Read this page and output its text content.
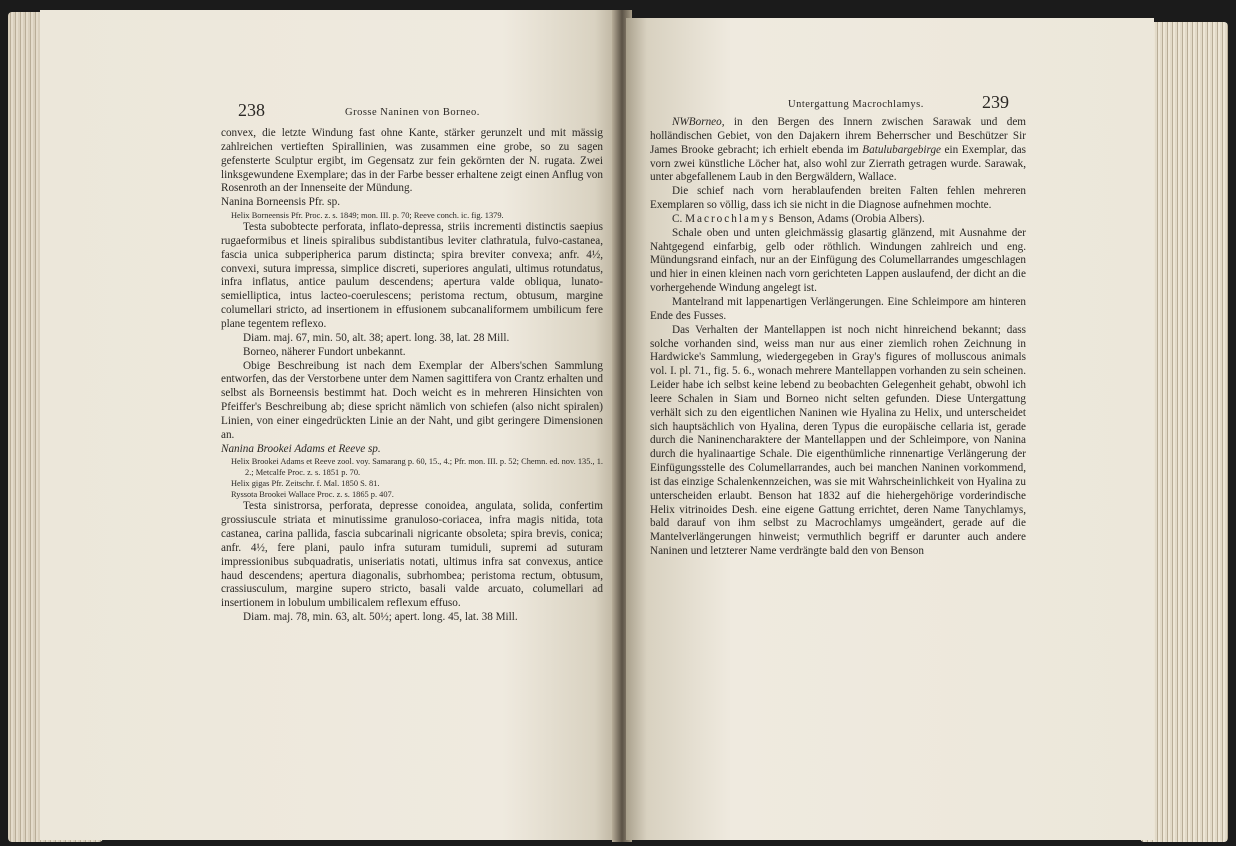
238	Grosse Naninen von Borneo.

convex, die letzte Windung fast ohne Kante, stärker gerunzelt und mit mässig zahlreichen vertieften Spirallinien, was zusammen eine grobe, so zu sagen gefensterte Sculptur ergibt, im Gegensatz zur fein gekörnten der N. rugata. Zwei linksgewundene Exemplare; das in der Farbe besser erhaltene zeigt einen Anflug von Rosenroth an der Innenseite der Mündung.

Nanina Borneensis Pfr. sp.

Helix Borneensis Pfr. Proc. z. s. 1849; mon. III. p. 70; Reeve conch. ic. fig. 1379.

Testa subobtecte perforata, inflato-depressa, striis incrementi distinctis saepius rugaeformibus et lineis spiralibus subdistantibus leviter clathratula, fulvo-castanea, fascia unica subperipherica parum distincta; spira breviter convexa; anfr. 4½, convexi, sutura impressa, simplice discreti, superiores angulati, ultimus rotundatus, infra inflatus, antice paulum descendens; apertura valde obliqua, lunato-semielliptica, intus lacteo-coerulescens; peristoma rectum, obtusum, margine columellari stricto, ad insertionem in effusionem subcanaliformem umbilicum fere plane tegentem reflexo.

Diam. maj. 67, min. 50, alt. 38; apert. long. 38, lat. 28 Mill.

Borneo, näherer Fundort unbekannt.

Obige Beschreibung ist nach dem Exemplar der Albers'schen Sammlung entworfen, das der Verstorbene unter dem Namen sagittifera von Crantz erhalten und selbst als Borneensis bestimmt hat. Doch weicht es in mehreren Hinsichten von Pfeiffer's Beschreibung ab; diese spricht nämlich von schiefen (also nicht spiralen) Linien, von einer eingedrückten Linie an der Naht, und gibt geringere Dimensionen an.

Nanina Brookei Adams et Reeve sp.

Helix Brookei Adams et Reeve zool. voy. Samarang p. 60, 15., 4.; Pfr. mon. III. p. 52; Chemn. ed. nov. 135., 1. 2.; Metcalfe Proc. z. s. 1851 p. 70.

Helix gigas Pfr. Zeitschr. f. Mal. 1850 S. 81.

Ryssota Brookei Wallace Proc. z. s. 1865 p. 407.

Testa sinistrorsa, perforata, depresse conoidea, angulata, solida, confertim grossiuscule striata et minutissime granuloso-coriacea, infra magis nitida, tota castanea, carina pallida, fascia subcarinali nigricante obsoleta; spira brevis, conica; anfr. 4½, fere plani, paulo infra suturam tumiduli, supremi ad suturam impressionibus subquadratis, uniseriatis notati, ultimus infra sat convexus, antice haud descendens; apertura diagonalis, subrhombea; peristoma rectum, obtusum, crassiusculum, margine supero stricto, basali valde arcuato, columellari ad insertionem in lobulum umbilicalem reflexum effuso.

Diam. maj. 78, min. 63, alt. 50½; apert. long. 45, lat. 38 Mill.

Untergattung Macrochlamys.	239

NWBorneo, in den Bergen des Innern zwischen Sarawak und dem holländischen Gebiet, von den Dajakern ihrem Beherrscher und Beschützer Sir James Brooke gebracht; ich erhielt ebenda im Batulubargebirge ein Exemplar, das vorn zwei künstliche Löcher hat, also wohl zur Zierrath getragen wurde. Sarawak, unter abgefallenem Laub in den Bergwäldern, Wallace.

Die schief nach vorn herablaufenden breiten Falten fehlen mehreren Exemplaren so völlig, dass ich sie nicht in die Diagnose aufnehmen mochte.

C. Macrochlamys Benson, Adams (Orobia Albers).

Schale oben und unten gleichmässig glasartig glänzend, mit Ausnahme der Nahtgegend einfarbig, gelb oder röthlich. Windungen zahlreich und eng. Mündungsrand einfach, nur an der Einfügung des Columellarrandes umgeschlagen und hier in einen kleinen nach vorn gerichteten Lappen auslaufend, der dicht an die vorhergehende Windung angelegt ist.

Mantelrand mit lappenartigen Verlängerungen. Eine Schleimpore am hinteren Ende des Fusses.

Das Verhalten der Mantellappen ist noch nicht hinreichend bekannt; dass solche vorhanden sind, weiss man nur aus einer ziemlich rohen Zeichnung in Hardwicke's Sammlung, wiedergegeben in Gray's figures of molluscous animals vol. I. pl. 71., fig. 5. 6., wonach mehrere Mantellappen vorhanden zu sein scheinen. Leider habe ich selbst keine lebend zu beobachten Gelegenheit gehabt, obwohl ich leere Schalen in Siam und Borneo nicht selten gefunden. Diese Untergattung verhält sich zu den eigentlichen Naninen wie Hyalina zu Helix, und unterscheidet sich hauptsächlich von Hyalina, deren Typus die europäische cellaria ist, gerade durch die Naninencharaktere der Mantellappen und der Schleimpore, von Nanina durch die hyalinaartige Schale. Die eigenthümliche rinnenartige Verlängerung der Einfügungsstelle des Columellarrandes, auch bei manchen Naninen vorkommend, ist das einzige Schalenkennzeichen, was sie mit Wahrscheinlichkeit von Hyalina zu unterscheiden erlaubt. Benson hat 1832 auf die hiehergehörige vorderindische Helix vitrinoides Desh. eine eigene Gattung errichtet, deren Name Tanychlamys, bald darauf von ihm selbst zu Macrochlamys umgeändert, gerade auf die Mantelverlängerungen hinweist; vermuthlich begriff er darunter auch andere Naninen und letzterer Name verdrängte bald den von Benson
